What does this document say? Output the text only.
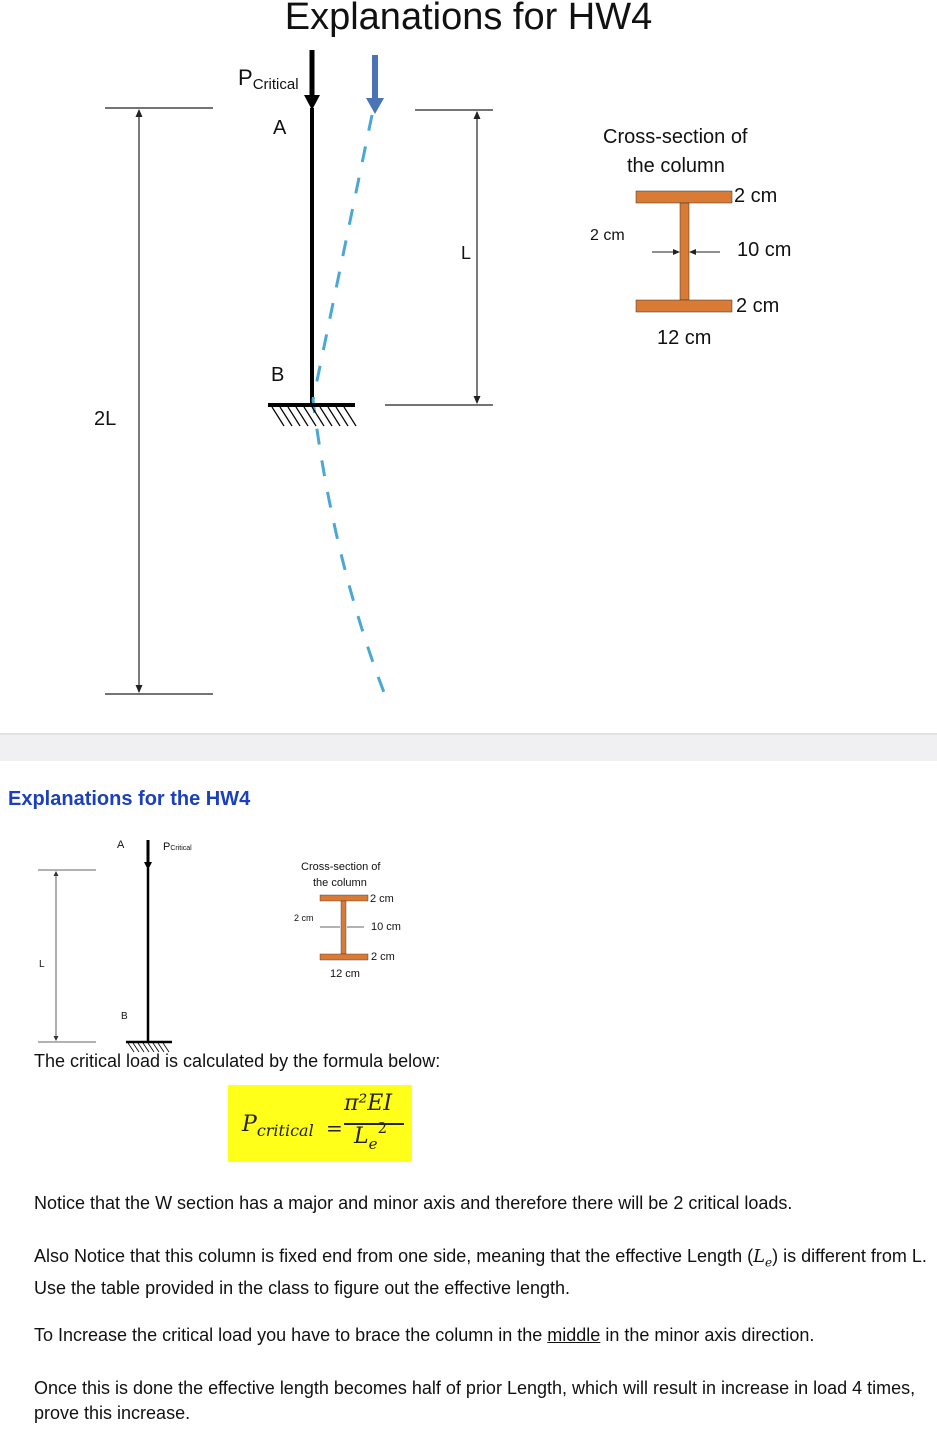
Explanations for HW4
PCritical
A
B
L
2L
Cross-section of
the column
2 cm
2 cm
10 cm
2 cm
12 cm
Explanations for the HW4
A	PCritical
B
L
Cross-section of
the column
2 cm
2 cm
10 cm
2 cm
12 cm
The critical load is calculated by the formula below:
$P_{critical}$ =
π²EI
$L_e^2$
Notice that the W section has a major and minor axis and therefore there will be 2 critical loads.
Also Notice that this column is fixed end from one side, meaning that the effective Length $(L_e)$ is different from L. Use the table provided in the class to figure out the effective length.
To Increase the critical load you have to brace the column in the middle in the minor axis direction.
Once this is done the effective length becomes half of prior Length, which will result in increase in load 4 times, prove this increase.
